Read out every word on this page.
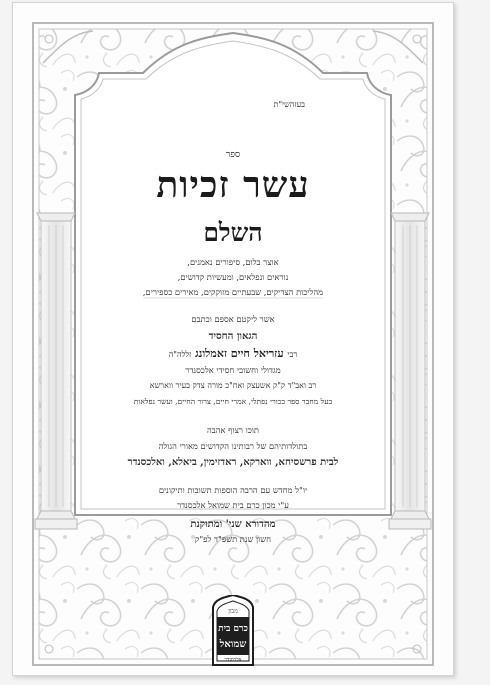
בעזהשי"ת
ספר
עשר זכיות
השלם
אוצר בלום, סיפורים נאמנים,
נוראים ונפלאים, ומעשיות קדושים,
מהליכות הצדיקים, שבעתיים מזוקקים, מאירים כספירים,
אשר ליקטם אספם וכתבם
הגאון החסיד
רבי עזריאל חיים זאמלונג זללה"ה
מגדולי וחשובי חסידי אלכסנדר
רב ואב"ד ק"ק אשעצק ואח"כ מורה צדק בעיר ווארשא
בעל מחבר ספר בכורי נפתלי, אמרי חיים, צרור החיים, ועשר נפלאות
תוכו רצוף אהבה
בתולדותיהם של רבותינו הקדושים מאורי הגולה
לבית פרשסיחא, ווארקא, ראדזימין, ביאלא, ואלכסנדר
יו"ל מחדש עם הרבה הוספות תשובות ותיקונים
ע"י מכון כרם בית שמואל אלכסנדר
מהדורא שני' ומתוקנת
חשון שנת תשפ"ד לפ"ק
מכון
כרם בית
שמואל
אלכסנדר
